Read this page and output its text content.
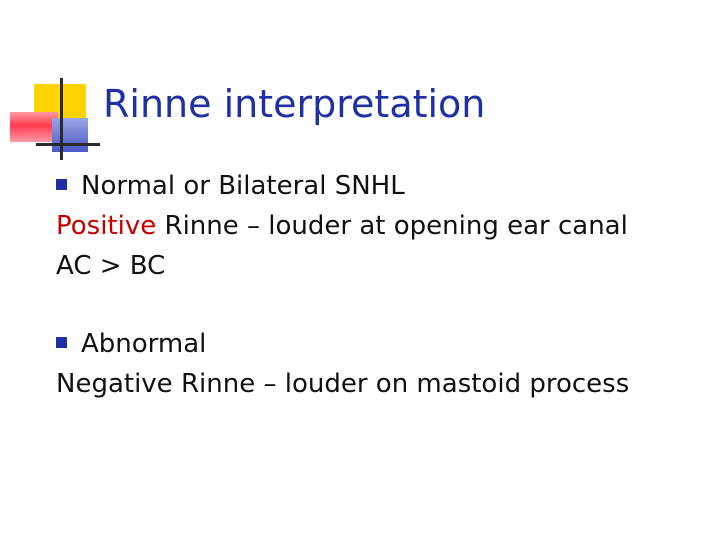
Rinne interpretation
Normal or Bilateral SNHL
Positive Rinne – louder at opening ear canal
AC > BC
Abnormal
Negative Rinne – louder on mastoid process
